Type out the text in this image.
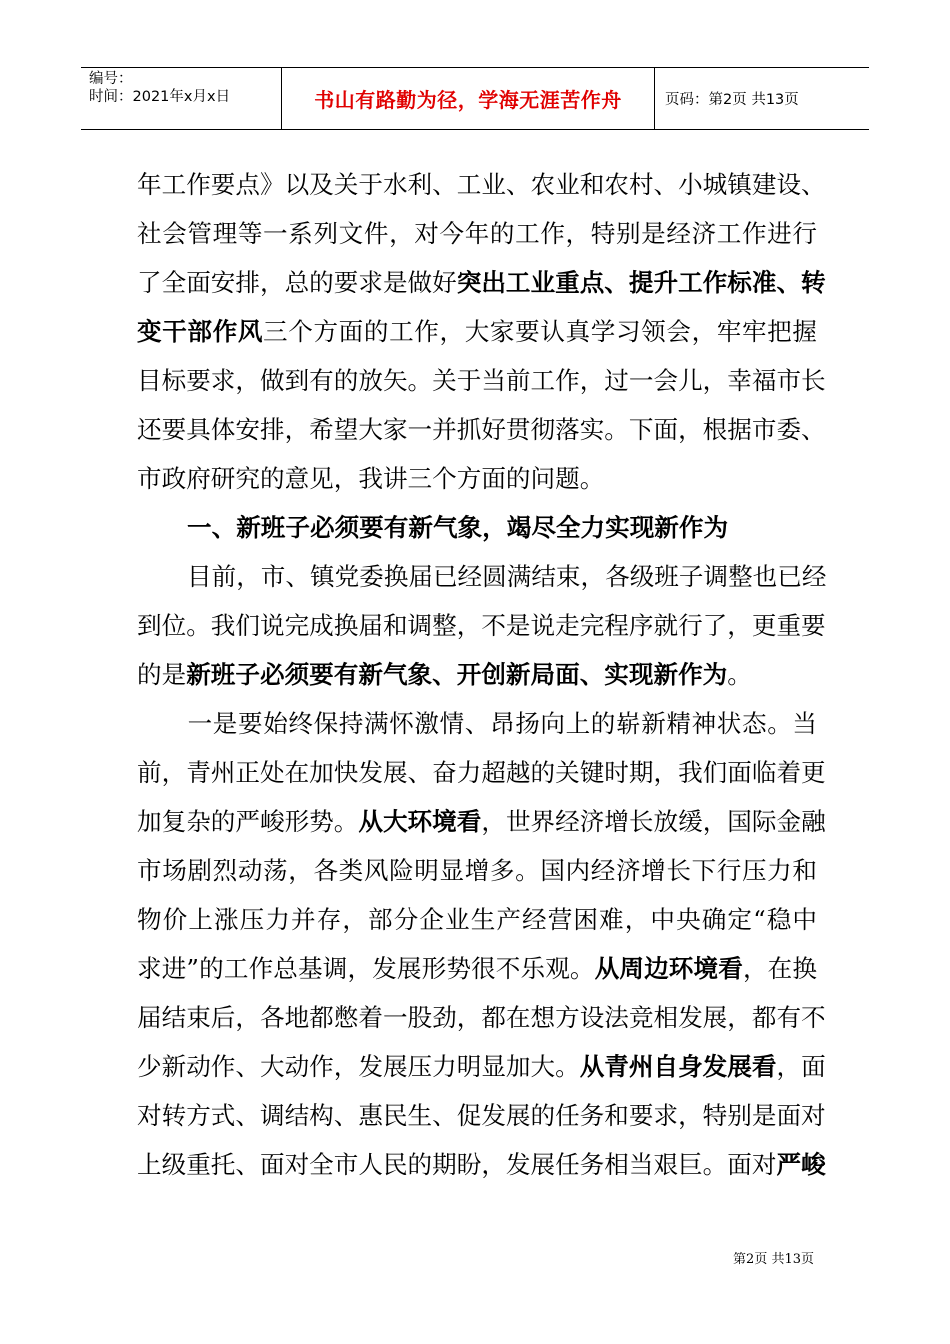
编号：
时间：2021年x月x日	书山有路勤为径，学海无涯苦作舟	页码：第2页 共13页
年工作要点》以及关于水利、工业、农业和农村、小城镇建设、
社会管理等一系列文件，对今年的工作，特别是经济工作进行
了全面安排，总的要求是做好突出工业重点、提升工作标准、转
变干部作风三个方面的工作，大家要认真学习领会，牢牢把握
目标要求，做到有的放矢。关于当前工作，过一会儿，幸福市长
还要具体安排，希望大家一并抓好贯彻落实。下面，根据市委、
市政府研究的意见，我讲三个方面的问题。
一、新班子必须要有新气象，竭尽全力实现新作为
目前，市、镇党委换届已经圆满结束，各级班子调整也已经
到位。我们说完成换届和调整，不是说走完程序就行了，更重要
的是新班子必须要有新气象、开创新局面、实现新作为。
一是要始终保持满怀激情、昂扬向上的崭新精神状态。当
前，青州正处在加快发展、奋力超越的关键时期，我们面临着更
加复杂的严峻形势。从大环境看，世界经济增长放缓，国际金融
市场剧烈动荡，各类风险明显增多。国内经济增长下行压力和
物价上涨压力并存，部分企业生产经营困难，中央确定“稳中
求进”的工作总基调，发展形势很不乐观。从周边环境看，在换
届结束后，各地都憋着一股劲，都在想方设法竞相发展，都有不
少新动作、大动作，发展压力明显加大。从青州自身发展看，面
对转方式、调结构、惠民生、促发展的任务和要求，特别是面对
上级重托、面对全市人民的期盼，发展任务相当艰巨。面对严峻
第2页 共13页
